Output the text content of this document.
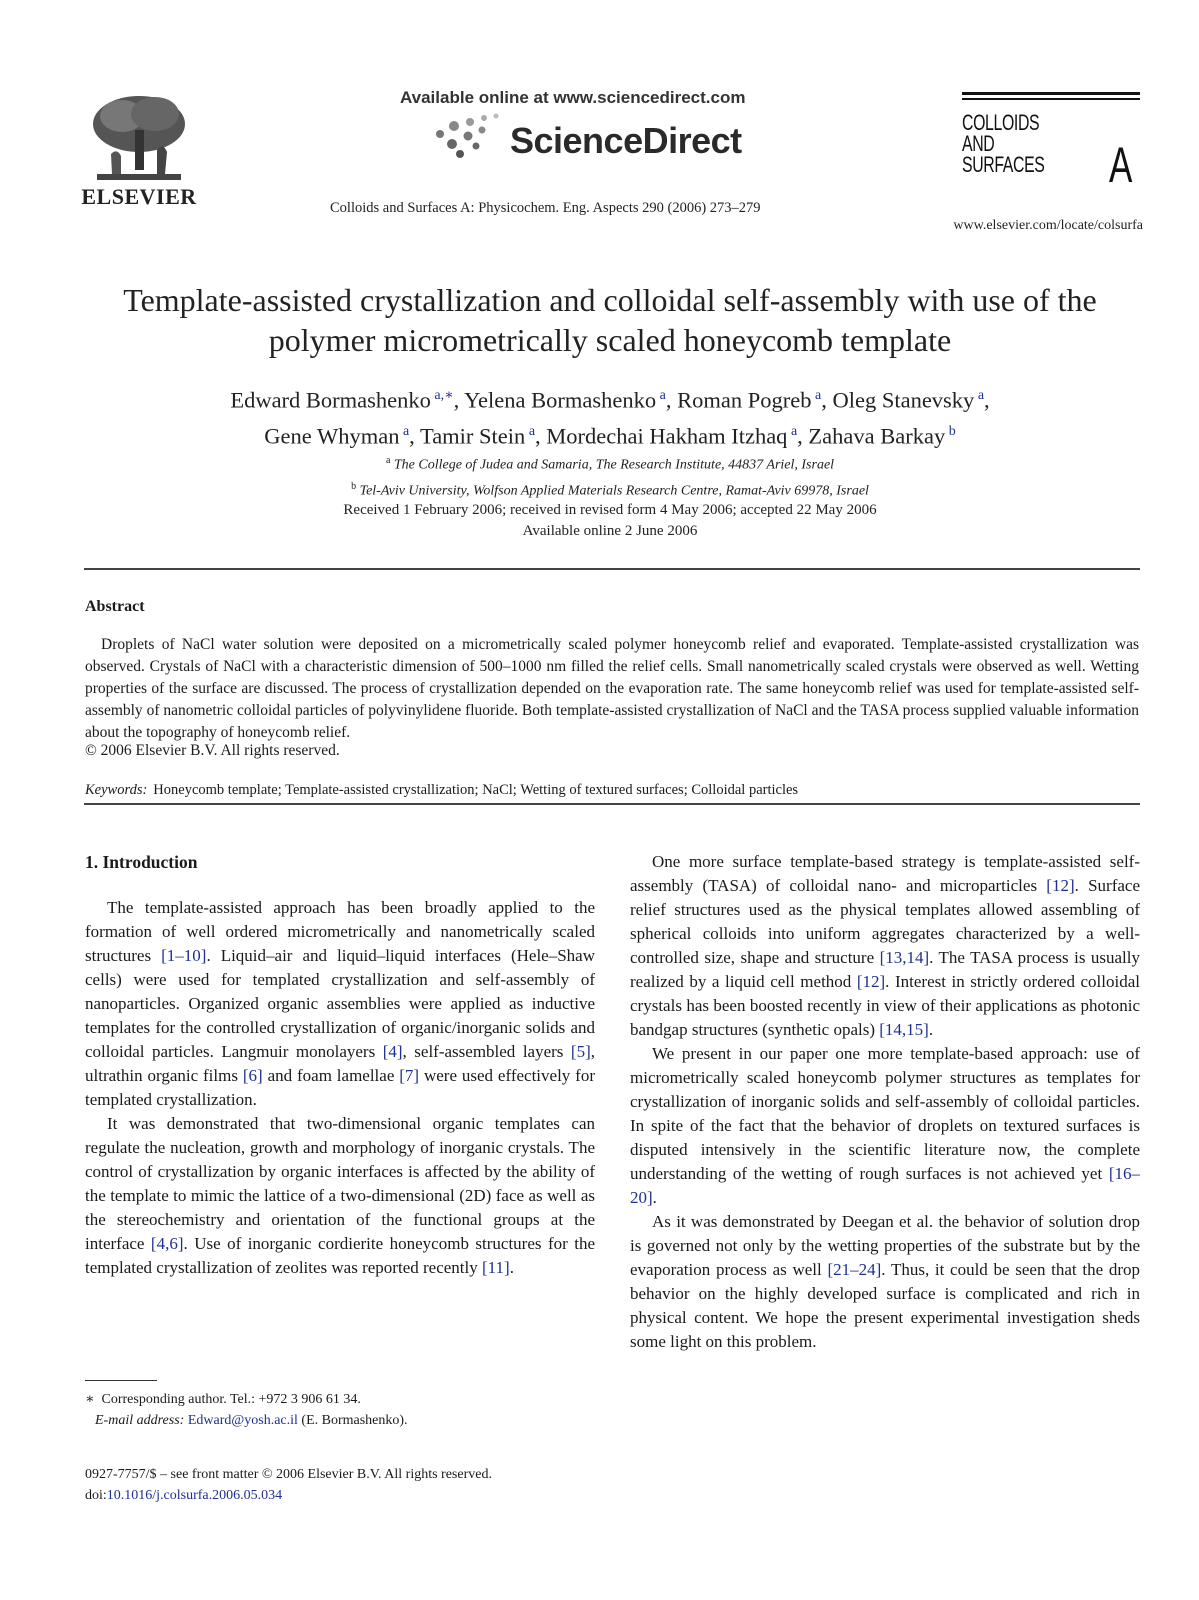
ELSEVIER
Available online at www.sciencedirect.com
ScienceDirect
Colloids and Surfaces A: Physicochem. Eng. Aspects 290 (2006) 273–279
COLLOIDS
AND
SURFACES	A
www.elsevier.com/locate/colsurfa
Template-assisted crystallization and colloidal self-assembly with use of the polymer micrometrically scaled honeycomb template
Edward Bormashenko $^{a,∗}$, Yelena Bormashenko $^a$, Roman Pogreb $^a$, Oleg Stanevsky $^a$,
Gene Whyman $^a$, Tamir Stein $^a$, Mordechai Hakham Itzhaq $^a$, Zahava Barkay $^b$
$^a$ The College of Judea and Samaria, The Research Institute, 44837 Ariel, Israel
$^b$ Tel-Aviv University, Wolfson Applied Materials Research Centre, Ramat-Aviv 69978, Israel
Received 1 February 2006; received in revised form 4 May 2006; accepted 22 May 2006
Available online 2 June 2006
Abstract
Droplets of NaCl water solution were deposited on a micrometrically scaled polymer honeycomb relief and evaporated. Template-assisted crystallization was observed. Crystals of NaCl with a characteristic dimension of 500–1000 nm filled the relief cells. Small nanometrically scaled crystals were observed as well. Wetting properties of the surface are discussed. The process of crystallization depended on the evaporation rate. The same honeycomb relief was used for template-assisted self-assembly of nanometric colloidal particles of polyvinylidene fluoride. Both template-assisted crystallization of NaCl and the TASA process supplied valuable information about the topography of honeycomb relief.
© 2006 Elsevier B.V. All rights reserved.
Keywords: Honeycomb template; Template-assisted crystallization; NaCl; Wetting of textured surfaces; Colloidal particles
1. Introduction

The template-assisted approach has been broadly applied to the formation of well ordered micrometrically and nanometrically scaled structures [1–10]. Liquid–air and liquid–liquid interfaces (Hele–Shaw cells) were used for templated crystallization and self-assembly of nanoparticles. Organized organic assemblies were applied as inductive templates for the controlled crystallization of organic/inorganic solids and colloidal particles. Langmuir monolayers [4], self-assembled layers [5], ultrathin organic films [6] and foam lamellae [7] were used effectively for templated crystallization.

It was demonstrated that two-dimensional organic templates can regulate the nucleation, growth and morphology of inorganic crystals. The control of crystallization by organic interfaces is affected by the ability of the template to mimic the lattice of a two-dimensional (2D) face as well as the stereochemistry and orientation of the functional groups at the interface [4,6]. Use of inorganic cordierite honeycomb structures for the templated crystallization of zeolites was reported recently [11].

One more surface template-based strategy is template-assisted self-assembly (TASA) of colloidal nano- and microparticles [12]. Surface relief structures used as the physical templates allowed assembling of spherical colloids into uniform aggregates characterized by a well-controlled size, shape and structure [13,14]. The TASA process is usually realized by a liquid cell method [12]. Interest in strictly ordered colloidal crystals has been boosted recently in view of their applications as photonic bandgap structures (synthetic opals) [14,15].

We present in our paper one more template-based approach: use of micrometrically scaled honeycomb polymer structures as templates for crystallization of inorganic solids and self-assembly of colloidal particles. In spite of the fact that the behavior of droplets on textured surfaces is disputed intensively in the scientific literature now, the complete understanding of the wetting of rough surfaces is not achieved yet [16–20].

As it was demonstrated by Deegan et al. the behavior of solution drop is governed not only by the wetting properties of the substrate but by the evaporation process as well [21–24]. Thus, it could be seen that the drop behavior on the highly developed surface is complicated and rich in physical content. We hope the present experimental investigation sheds some light on this problem.

∗ Corresponding author. Tel.: +972 3 906 61 34.
E-mail address: Edward@yosh.ac.il (E. Bormashenko).
0927-7757/$ – see front matter © 2006 Elsevier B.V. All rights reserved.
doi:10.1016/j.colsurfa.2006.05.034
